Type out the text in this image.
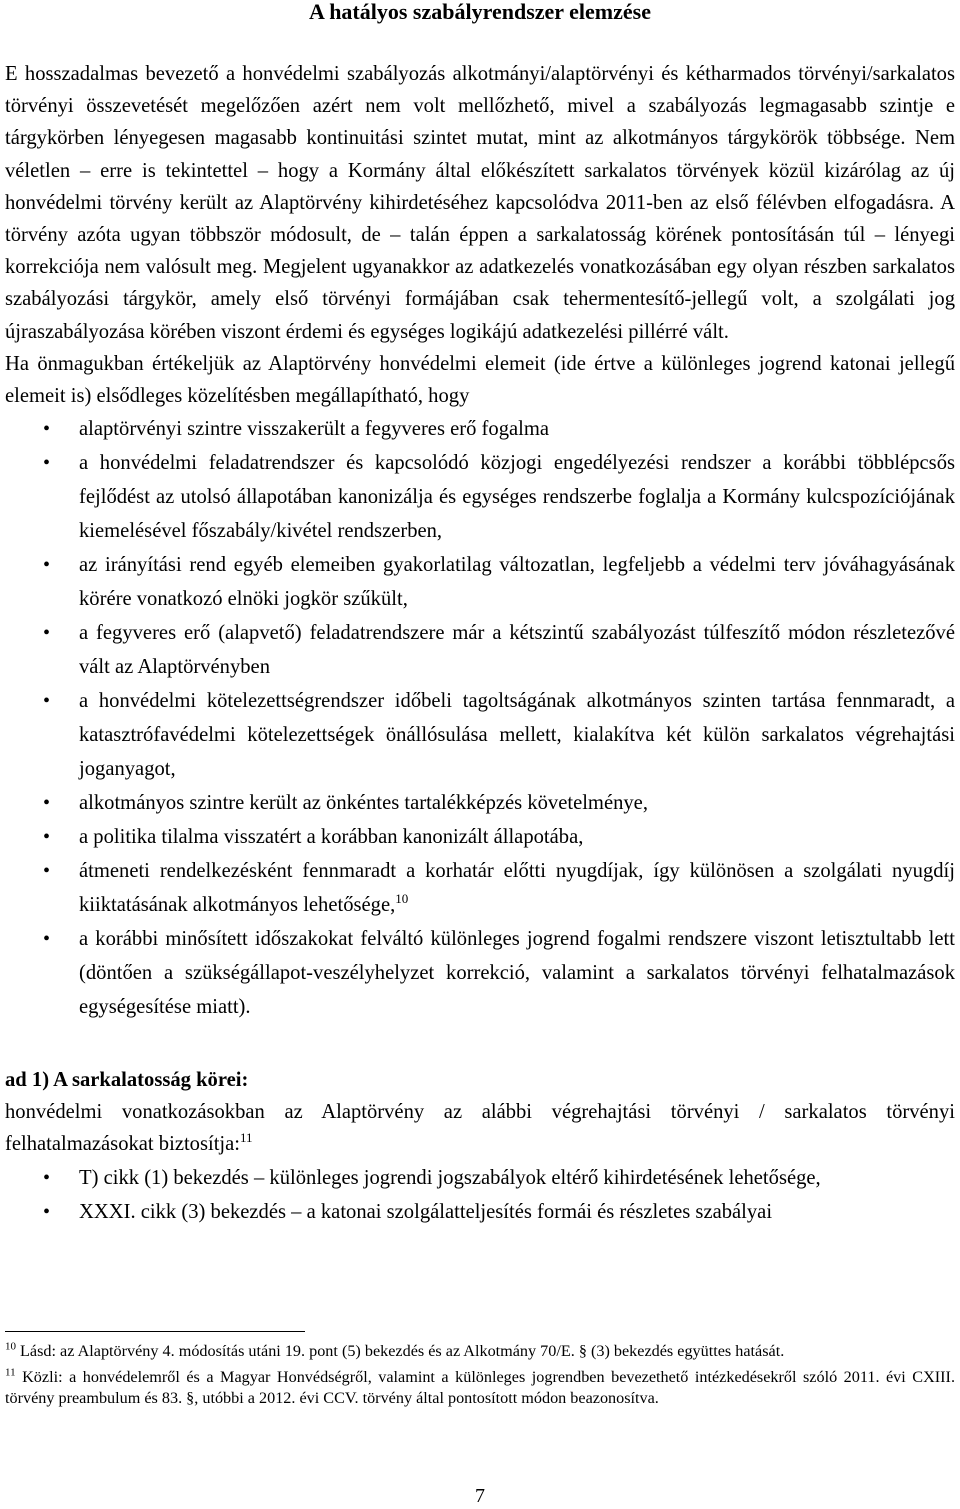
A hatályos szabályrendszer elemzése

E hosszadalmas bevezető a honvédelmi szabályozás alkotmányi/alaptörvényi és kétharmados törvényi/sarkalatos törvényi összevetését megelőzően azért nem volt mellőzhető, mivel a szabályozás legmagasabb szintje e tárgykörben lényegesen magasabb kontinuitási szintet mutat, mint az alkotmányos tárgykörök többsége. Nem véletlen – erre is tekintettel – hogy a Kormány által előkészített sarkalatos törvények közül kizárólag az új honvédelmi törvény került az Alaptörvény kihirdetéséhez kapcsolódva 2011-ben az első félévben elfogadásra. A törvény azóta ugyan többször módosult, de – talán éppen a sarkalatosság körének pontosításán túl – lényegi korrekciója nem valósult meg. Megjelent ugyanakkor az adatkezelés vonatkozásában egy olyan részben sarkalatos szabályozási tárgykör, amely első törvényi formájában csak tehermentesítő-jellegű volt, a szolgálati jog újraszabályozása körében viszont érdemi és egységes logikájú adatkezelési pillérré vált.

Ha önmagukban értékeljük az Alaptörvény honvédelmi elemeit (ide értve a különleges jogrend katonai jellegű elemeit is) elsődleges közelítésben megállapítható, hogy

• alaptörvényi szintre visszakerült a fegyveres erő fogalma
• a honvédelmi feladatrendszer és kapcsolódó közjogi engedélyezési rendszer a korábbi többlépcsős fejlődést az utolsó állapotában kanonizálja és egységes rendszerbe foglalja a Kormány kulcspozíciójának kiemelésével főszabály/kivétel rendszerben,
• az irányítási rend egyéb elemeiben gyakorlatilag változatlan, legfeljebb a védelmi terv jóváhagyásának körére vonatkozó elnöki jogkör szűkült,
• a fegyveres erő (alapvető) feladatrendszere már a kétszintű szabályozást túlfeszítő módon részletezővé vált az Alaptörvényben
• a honvédelmi kötelezettségrendszer időbeli tagoltságának alkotmányos szinten tartása fennmaradt, a katasztrófavédelmi kötelezettségek önállósulása mellett, kialakítva két külön sarkalatos végrehajtási joganyagot,
• alkotmányos szintre került az önkéntes tartalékképzés követelménye,
• a politika tilalma visszatért a korábban kanonizált állapotába,
• átmeneti rendelkezésként fennmaradt a korhatár előtti nyugdíjak, így különösen a szolgálati nyugdíj kiiktatásának alkotmányos lehetősége,$^{10}$
• a korábbi minősített időszakokat felváltó különleges jogrend fogalmi rendszere viszont letisztultabb lett (döntően a szükségállapot-veszélyhelyzet korrekció, valamint a sarkalatos törvényi felhatalmazások egységesítése miatt).

ad 1) A sarkalatosság körei:

honvédelmi vonatkozásokban az Alaptörvény az alábbi végrehajtási törvényi / sarkalatos törvényi felhatalmazásokat biztosítja:$^{11}$

• T) cikk (1) bekezdés – különleges jogrendi jogszabályok eltérő kihirdetésének lehetősége,
• XXXI. cikk (3) bekezdés – a katonai szolgálatteljesítés formái és részletes szabályai

$^{10}$ Lásd: az Alaptörvény 4. módosítás utáni 19. pont (5) bekezdés és az Alkotmány 70/E. § (3) bekezdés együttes hatását.

$^{11}$ Közli: a honvédelemről és a Magyar Honvédségről, valamint a különleges jogrendben bevezethető intézkedésekről szóló 2011. évi CXIII. törvény preambulum és 83. §, utóbbi a 2012. évi CCV. törvény által pontosított módon beazonosítva.

7
